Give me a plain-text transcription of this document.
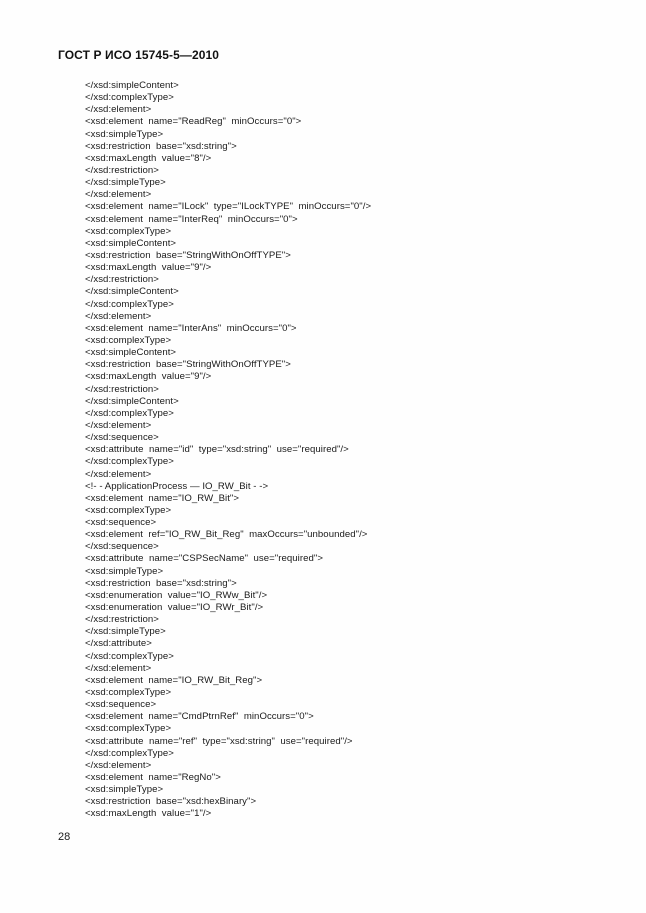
ГОСТ Р ИСО 15745-5—2010
</xsd:simpleContent>
</xsd:complexType>
</xsd:element>
<xsd:element  name="ReadReg"  minOccurs="0">
<xsd:simpleType>
<xsd:restriction  base="xsd:string">
<xsd:maxLength  value="8"/>
</xsd:restriction>
</xsd:simpleType>
</xsd:element>
<xsd:element  name="ILock"  type="ILockTYPE"  minOccurs="0"/>
<xsd:element  name="InterReq"  minOccurs="0">
<xsd:complexType>
<xsd:simpleContent>
<xsd:restriction  base="StringWithOnOffTYPE">
<xsd:maxLength  value="9"/>
</xsd:restriction>
</xsd:simpleContent>
</xsd:complexType>
</xsd:element>
<xsd:element  name="InterAns"  minOccurs="0">
<xsd:complexType>
<xsd:simpleContent>
<xsd:restriction  base="StringWithOnOffTYPE">
<xsd:maxLength  value="9"/>
</xsd:restriction>
</xsd:simpleContent>
</xsd:complexType>
</xsd:element>
</xsd:sequence>
<xsd:attribute  name="id"  type="xsd:string"  use="required"/>
</xsd:complexType>
</xsd:element>
<!- - ApplicationProcess — IO_RW_Bit - ->
<xsd:element  name="IO_RW_Bit">
<xsd:complexType>
<xsd:sequence>
<xsd:element  ref="IO_RW_Bit_Reg"  maxOccurs="unbounded"/>
</xsd:sequence>
<xsd:attribute  name="CSPSecName"  use="required">
<xsd:simpleType>
<xsd:restriction  base="xsd:string">
<xsd:enumeration  value="IO_RWw_Bit"/>
<xsd:enumeration  value="IO_RWr_Bit"/>
</xsd:restriction>
</xsd:simpleType>
</xsd:attribute>
</xsd:complexType>
</xsd:element>
<xsd:element  name="IO_RW_Bit_Reg">
<xsd:complexType>
<xsd:sequence>
<xsd:element  name="CmdPtrnRef"  minOccurs="0">
<xsd:complexType>
<xsd:attribute  name="ref"  type="xsd:string"  use="required"/>
</xsd:complexType>
</xsd:element>
<xsd:element  name="RegNo">
<xsd:simpleType>
<xsd:restriction  base="xsd:hexBinary">
<xsd:maxLength  value="1"/>
28
